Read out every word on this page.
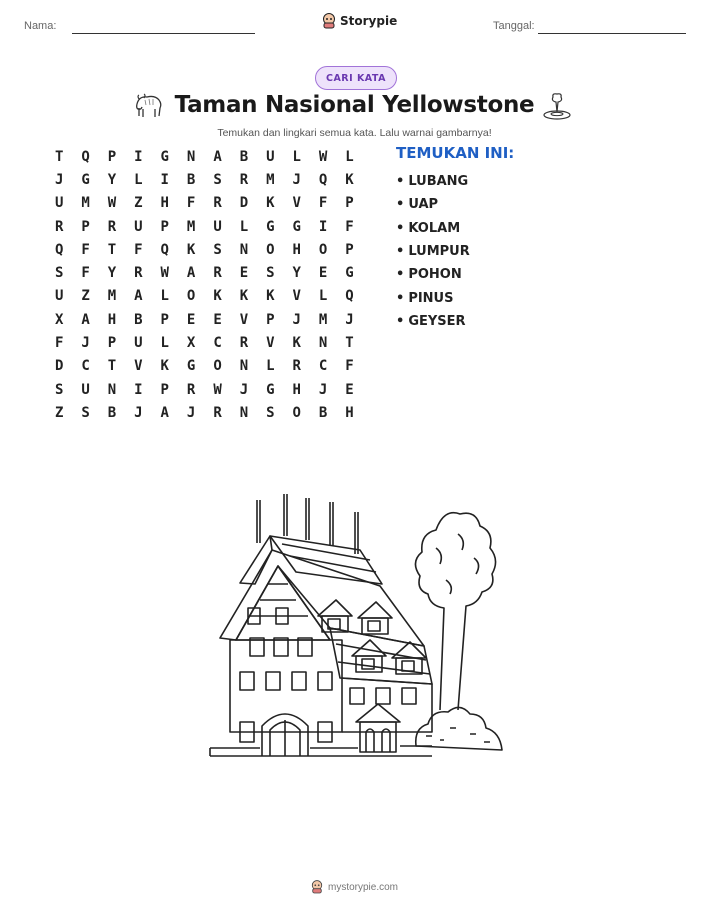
Nama:	Storypie	Tanggal:
CARI KATA
Taman Nasional Yellowstone
Temukan dan lingkari semua kata. Lalu warnai gambarnya!
T	Q	P	I	G	N	A	B	U	L	W	L
J	G	Y	L	I	B	S	R	M	J	Q	K
U	M	W	Z	H	F	R	D	K	V	F	P
R	P	R	U	P	M	U	L	G	G	I	F
Q	F	T	F	Q	K	S	N	O	H	O	P
S	F	Y	R	W	A	R	E	S	Y	E	G
U	Z	M	A	L	O	K	K	K	V	L	Q
X	A	H	B	P	E	E	V	P	J	M	J
F	J	P	U	L	X	C	R	V	K	N	T
D	C	T	V	K	G	O	N	L	R	C	F
S	U	N	I	P	R	W	J	G	H	J	E
Z	S	B	J	A	J	R	N	S	O	B	H
TEMUKAN INI:
• LUBANG
• UAP
• KOLAM
• LUMPUR
• POHON
• PINUS
• GEYSER
mystorypie.com
